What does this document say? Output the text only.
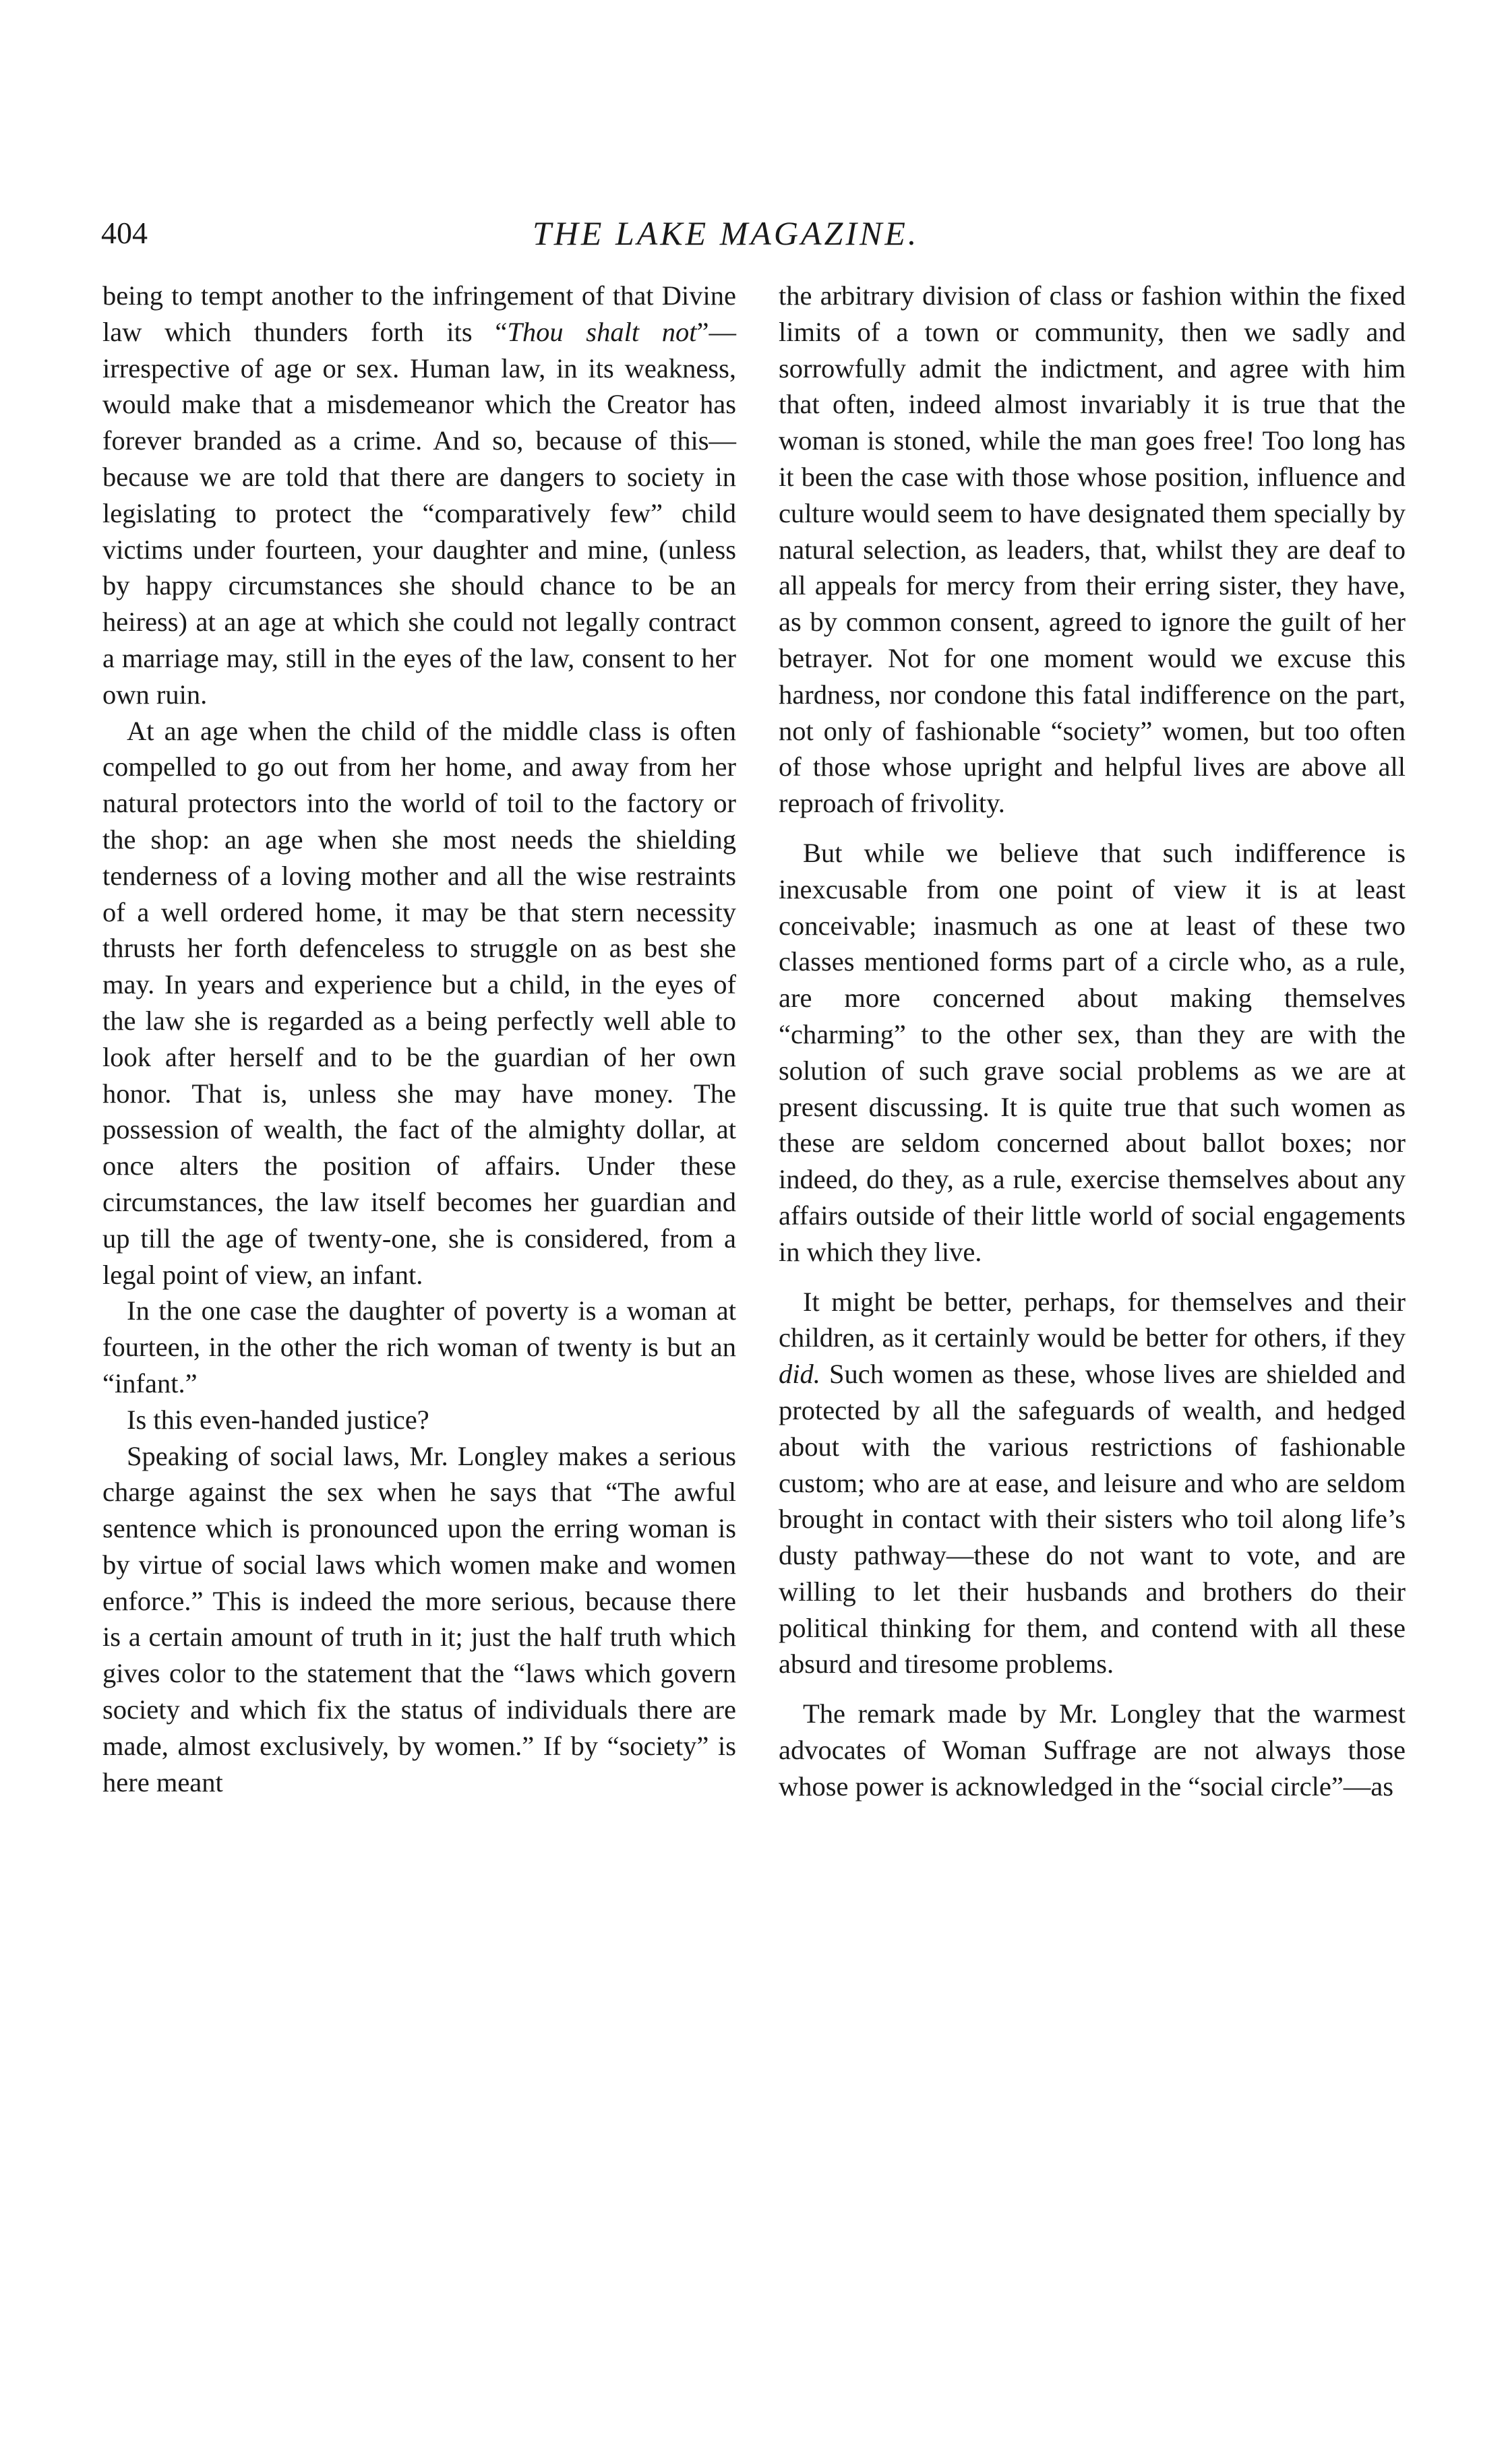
404	THE LAKE MAGAZINE.

being to tempt another to the infringement of that Divine law which thunders forth its “Thou shalt not”—irrespective of age or sex. Human law, in its weakness, would make that a misdemeanor which the Creator has forever branded as a crime. And so, because of this—because we are told that there are dangers to society in legislating to protect the “comparatively few” child victims under fourteen, your daughter and mine, (unless by happy circumstances she should chance to be an heiress) at an age at which she could not legally contract a marriage may, still in the eyes of the law, consent to her own ruin.

At an age when the child of the middle class is often compelled to go out from her home, and away from her natural protectors into the world of toil to the factory or the shop: an age when she most needs the shielding tenderness of a loving mother and all the wise restraints of a well ordered home, it may be that stern necessity thrusts her forth defenceless to struggle on as best she may. In years and experience but a child, in the eyes of the law she is regarded as a being perfectly well able to look after herself and to be the guardian of her own honor. That is, unless she may have money. The possession of wealth, the fact of the almighty dollar, at once alters the position of affairs. Under these circumstances, the law itself becomes her guardian and up till the age of twenty-one, she is considered, from a legal point of view, an infant.

In the one case the daughter of poverty is a woman at fourteen, in the other the rich woman of twenty is but an “infant.”

Is this even-handed justice?

Speaking of social laws, Mr. Longley makes a serious charge against the sex when he says that “The awful sentence which is pronounced upon the erring woman is by virtue of social laws which women make and women enforce.” This is indeed the more serious, because there is a certain amount of truth in it; just the half truth which gives color to the statement that the “laws which govern society and which fix the status of individuals there are made, almost exclusively, by women.” If by “society” is here meant

the arbitrary division of class or fashion within the fixed limits of a town or community, then we sadly and sorrowfully admit the indictment, and agree with him that often, indeed almost invariably it is true that the woman is stoned, while the man goes free! Too long has it been the case with those whose position, influence and culture would seem to have designated them specially by natural selection, as leaders, that, whilst they are deaf to all appeals for mercy from their erring sister, they have, as by common consent, agreed to ignore the guilt of her betrayer. Not for one moment would we excuse this hardness, nor condone this fatal indifference on the part, not only of fashionable “society” women, but too often of those whose upright and helpful lives are above all reproach of frivolity.

But while we believe that such indifference is inexcusable from one point of view it is at least conceivable; inasmuch as one at least of these two classes mentioned forms part of a circle who, as a rule, are more concerned about making themselves “charming” to the other sex, than they are with the solution of such grave social problems as we are at present discussing. It is quite true that such women as these are seldom concerned about ballot boxes; nor indeed, do they, as a rule, exercise themselves about any affairs outside of their little world of social engagements in which they live.

It might be better, perhaps, for themselves and their children, as it certainly would be better for others, if they did. Such women as these, whose lives are shielded and protected by all the safeguards of wealth, and hedged about with the various restrictions of fashionable custom; who are at ease, and leisure and who are seldom brought in contact with their sisters who toil along life’s dusty pathway—these do not want to vote, and are willing to let their husbands and brothers do their political thinking for them, and contend with all these absurd and tiresome problems.

The remark made by Mr. Longley that the warmest advocates of Woman Suffrage are not always those whose power is acknowledged in the “social circle”—as
